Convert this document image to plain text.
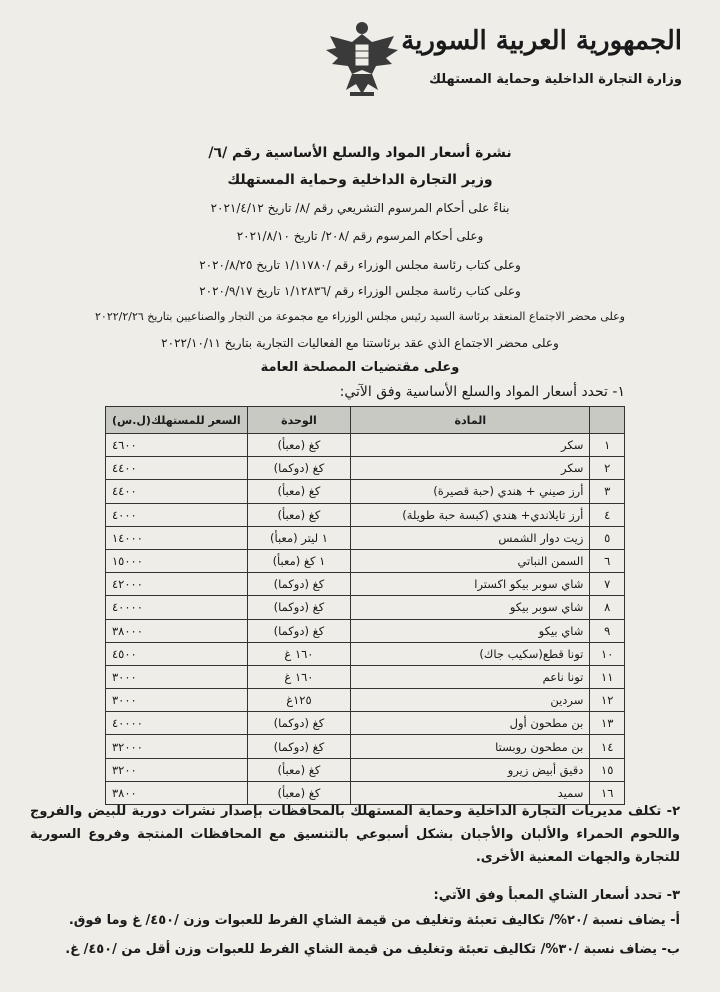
الجمهورية العربية السورية
وزارة التجارة الداخلية وحماية المستهلك
نشرة أسعار المواد والسلع الأساسية رقم /٦/
وزير التجارة الداخلية وحماية المستهلك
بناءً على أحكام المرسوم التشريعي رقم /٨/ تاريخ ٢٠٢١/٤/١٢
وعلى أحكام المرسوم رقم /٢٠٨/ تاريخ ٢٠٢١/٨/١٠
وعلى كتاب رئاسة مجلس الوزراء رقم /١/١١٧٨٠ تاريخ ٢٠٢٠/٨/٢٥
وعلى كتاب رئاسة مجلس الوزراء رقم /١/١٢٨٣٦ تاريخ ٢٠٢٠/٩/١٧
وعلى محضر الاجتماع المنعقد برئاسة السيد رئيس مجلس الوزراء مع مجموعة من التجار والصناعيين بتاريخ ٢٠٢٢/٢/٢٦
وعلى محضر الاجتماع الذي عقد برئاستنا مع الفعاليات التجارية بتاريخ ٢٠٢٢/١٠/١١
وعلى مقتضيات المصلحة العامة
١- تحدد أسعار المواد والسلع الأساسية وفق الآتي:
	المادة	الوحدة	السعر للمستهلك(ل.س)
١	سكر	كغ (معبأ)	٤٦٠٠
٢	سكر	كغ (دوكما)	٤٤٠٠
٣	أرز صيني + هندي (حبة قصيرة)	كغ (معبأ)	٤٤٠٠
٤	أرز تايلاندي+ هندي (كبسة حبة طويلة)	كغ (معبأ)	٤٠٠٠
٥	زيت دوار الشمس	١ ليتر (معبأ)	١٤٠٠٠
٦	السمن النباتي	١ كغ (معبأ)	١٥٠٠٠
٧	شاي سوبر بيكو اكسترا	كغ (دوكما)	٤٢٠٠٠
٨	شاي سوبر بيكو	كغ (دوكما)	٤٠٠٠٠
٩	شاي بيكو	كغ (دوكما)	٣٨٠٠٠
١٠	تونا قطع(سكيب جاك)	١٦٠ غ	٤٥٠٠
١١	تونا ناعم	١٦٠ غ	٣٠٠٠
١٢	سردين	١٢٥غ	٣٠٠٠
١٣	بن مطحون أول	كغ (دوكما)	٤٠٠٠٠
١٤	بن مطحون روبستا	كغ (دوكما)	٣٢٠٠٠
١٥	دقيق أبيض زيرو	كغ (معبأ)	٣٢٠٠
١٦	سميد	كغ (معبأ)	٣٨٠٠
٢- تكلف مديريات التجارة الداخلية وحماية المستهلك بالمحافظات بإصدار نشرات دورية للبيض والفروج واللحوم الحمراء والألبان والأجبان بشكل أسبوعي بالتنسيق مع المحافظات المنتجة وفروع السورية للتجارة والجهات المعنية الأخرى.
٣- تحدد أسعار الشاي المعبأ وفق الآتي:
أ- يضاف نسبة /٢٠%/ تكاليف تعبئة وتغليف من قيمة الشاي الفرط للعبوات وزن /٤٥٠/ غ وما فوق.
ب- يضاف نسبة /٣٠%/ تكاليف تعبئة وتغليف من قيمة الشاي الفرط للعبوات وزن أقل من /٤٥٠/ غ.
